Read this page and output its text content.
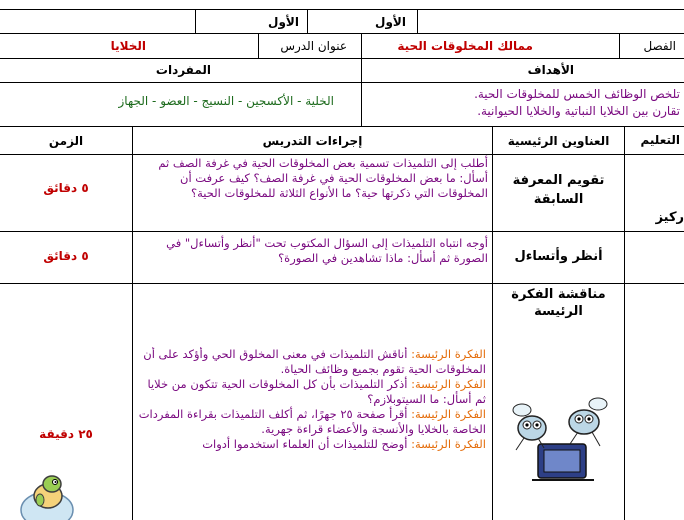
الأول	الأول
الفصل
ممالك المخلوقات الحية
عنوان الدرس
الخلايا
الأهداف
المفردات
تلخص الوظائف الخمس للمخلوقات الحية.
تقارن بين الخلايا النباتية والخلايا الحيوانية.
الخلية - الأكسجين - النسيج - العضو - الجهاز
التعليم
العناوين الرئيسية
إجراءات التدريس
الزمن
ركيز
تقويم المعرفة السابقة
أطلب إلى التلميذات تسمية بعض المخلوقات الحية في غرفة الصف ثم أسأل: ما بعض المخلوقات الحية في غرفة الصف؟ كيف عرفت أن المخلوقات التي ذكرتها حية؟ ما الأنواع الثلاثة للمخلوقات الحية؟
٥ دقائق
أنظر وأتساءل
أوجه انتباه التلميذات إلى السؤال المكتوب تحت "أنظر وأتساءل" في الصورة ثم أسأل: ماذا تشاهدين في الصورة؟
٥ دقائق
مناقشة الفكرة الرئيسة
٢٥ دقيقة
الفكرة الرئيسة: أناقش التلميذات في معنى المخلوق الحي وأؤكد على أن المخلوقات الحية تقوم بجميع وظائف الحياة.
الفكرة الرئيسة: أذكر التلميذات بأن كل المخلوقات الحية تتكون من خلايا ثم أسأل: ما السيتوبلازم؟
الفكرة الرئيسة: أقرأ صفحة ٢٥ جهرًا، ثم أكلف التلميذات بقراءة المفردات الخاصة بالخلايا والأنسجة والأعضاء قراءة جهرية.
الفكرة الرئيسة: أوضح للتلميذات أن العلماء استخدموا أدوات
